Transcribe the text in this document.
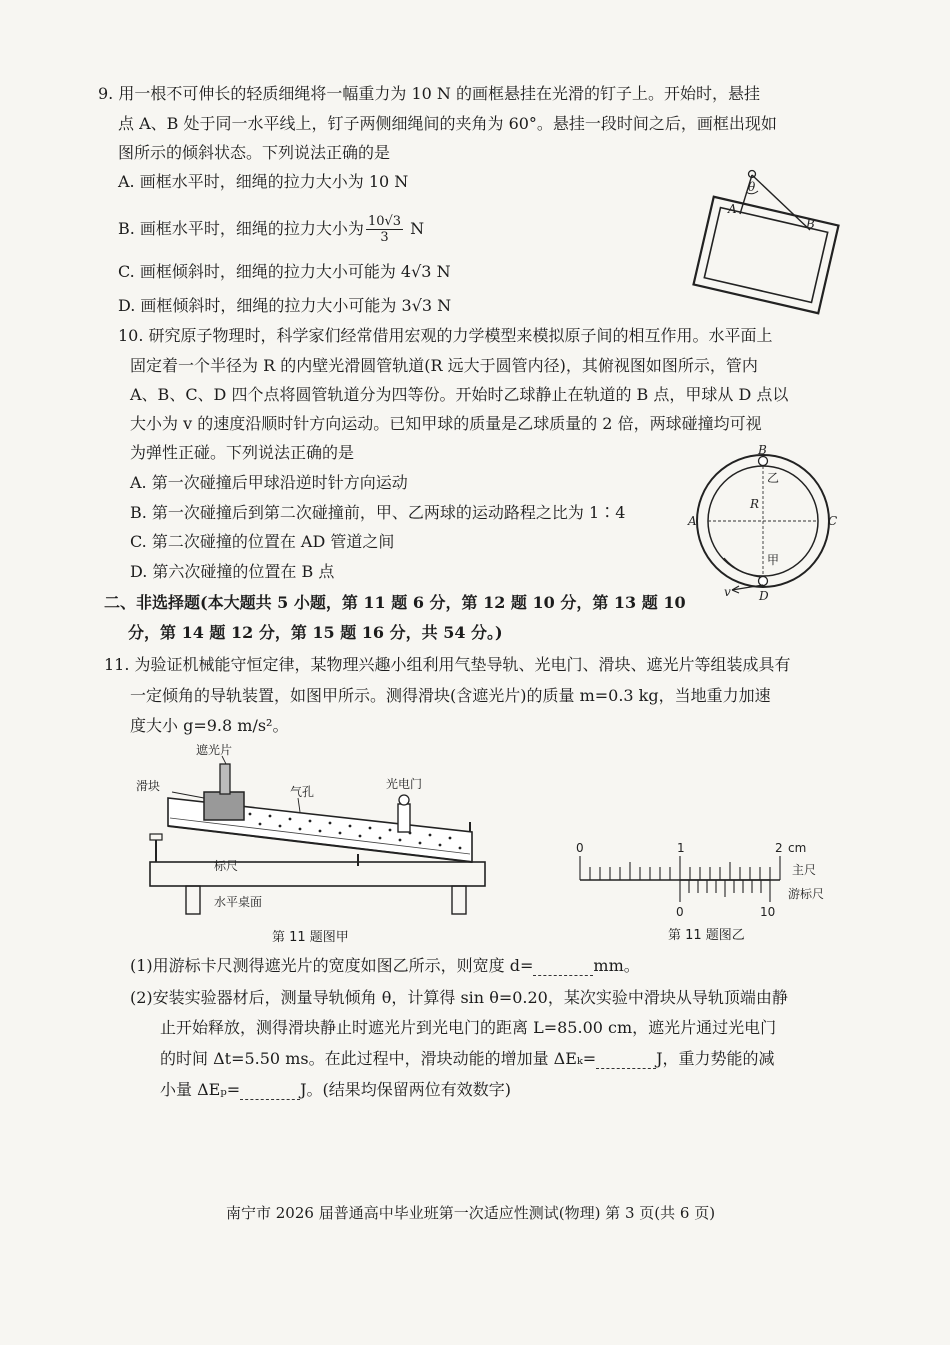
9. 用一根不可伸长的轻质细绳将一幅重力为 10 N 的画框悬挂在光滑的钉子上。开始时，悬挂
点 A、B 处于同一水平线上，钉子两侧细绳间的夹角为 60°。悬挂一段时间之后，画框出现如
图所示的倾斜状态。下列说法正确的是
A. 画框水平时，细绳的拉力大小为 10 N
B. 画框水平时，细绳的拉力大小为 $\frac{10√3}{3}$ N
C. 画框倾斜时，细绳的拉力大小可能为 4√3 N
D. 画框倾斜时，细绳的拉力大小可能为 3√3 N
θ
A
B
10. 研究原子物理时，科学家们经常借用宏观的力学模型来模拟原子间的相互作用。水平面上
固定着一个半径为 R 的内壁光滑圆管轨道(R 远大于圆管内径)，其俯视图如图所示，管内
A、B、C、D 四个点将圆管轨道分为四等份。开始时乙球静止在轨道的 B 点，甲球从 D 点以
大小为 v 的速度沿顺时针方向运动。已知甲球的质量是乙球质量的 2 倍，两球碰撞均可视
为弹性正碰。下列说法正确的是
A. 第一次碰撞后甲球沿逆时针方向运动
B. 第一次碰撞后到第二次碰撞前，甲、乙两球的运动路程之比为 1∶4
C. 第二次碰撞的位置在 AD 管道之间
D. 第六次碰撞的位置在 B 点
B
A	C
D
R
乙
甲
v
二、非选择题(本大题共 5 小题，第 11 题 6 分，第 12 题 10 分，第 13 题 10
分，第 14 题 12 分，第 15 题 16 分，共 54 分。)
11. 为验证机械能守恒定律，某物理兴趣小组利用气垫导轨、光电门、滑块、遮光片等组装成具有
一定倾角的导轨装置，如图甲所示。测得滑块(含遮光片)的质量 m=0.3 kg，当地重力加速
度大小 g=9.8 m/s²。
水平桌面
遮光片
滑块	气孔
光电门
标尺
第 11 题图甲
0	1	2 cm
主尺
游标尺
0	10
第 11 题图乙
(1)用游标卡尺测得遮光片的宽度如图乙所示，则宽度 d=	mm。
(2)安装实验器材后，测量导轨倾角 θ，计算得 sin θ=0.20，某次实验中滑块从导轨顶端由静
止开始释放，测得滑块静止时遮光片到光电门的距离 L=85.00 cm，遮光片通过光电门
的时间 Δt=5.50 ms。在此过程中，滑块动能的增加量 ΔEₖ=	J，重力势能的减
小量 ΔEₚ=	J。(结果均保留两位有效数字)
南宁市 2026 届普通高中毕业班第一次适应性测试(物理) 第 3 页(共 6 页)
